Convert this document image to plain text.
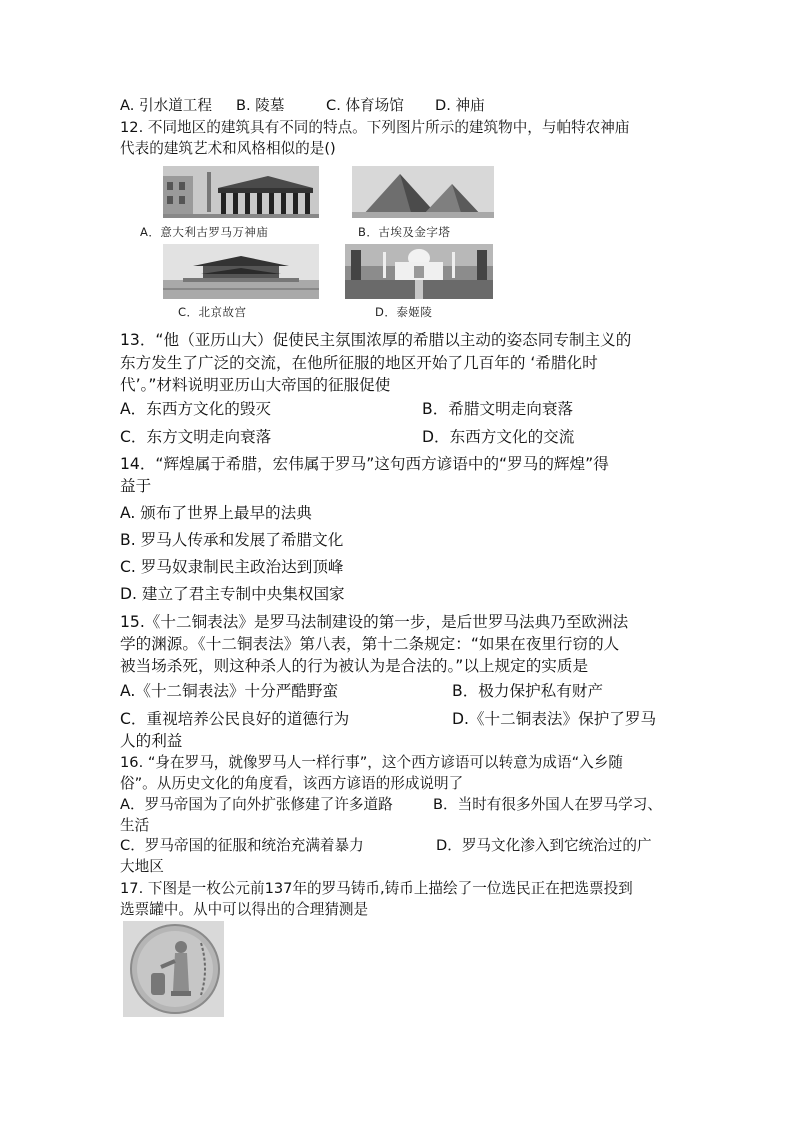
A. 引水道工程 B. 陵墓	C. 体育场馆 D. 神庙
12. 不同地区的建筑具有不同的特点。下列图片所示的建筑物中，与帕特农神庙
代表的建筑艺术和风格相似的是()
A．意大利古罗马万神庙	B．古埃及金字塔
C．北京故宫	D．泰姬陵
13．“他（亚历山大）促使民主氛围浓厚的希腊以主动的姿态同专制主义的
东方发生了广泛的交流，在他所征服的地区开始了几百年的 ‘希腊化时
代’。”材料说明亚历山大帝国的征服促使
A．东西方文化的毁灭	B．希腊文明走向衰落
C．东方文明走向衰落	D．东西方文化的交流
14．“辉煌属于希腊，宏伟属于罗马”这句西方谚语中的“罗马的辉煌”得
益于
A. 颁布了世界上最早的法典
B. 罗马人传承和发展了希腊文化
C. 罗马奴隶制民主政治达到顶峰
D. 建立了君主专制中央集权国家
15.《十二铜表法》是罗马法制建设的第一步，是后世罗马法典乃至欧洲法
学的渊源。《十二铜表法》第八表，第十二条规定：“如果在夜里行窃的人
被当场杀死，则这种杀人的行为被认为是合法的。”以上规定的实质是
A.《十二铜表法》十分严酷野蛮	B．极力保护私有财产
C．重视培养公民良好的道德行为	D.《十二铜表法》保护了罗马
人的利益
16. “身在罗马，就像罗马人一样行事”，这个西方谚语可以转意为成语“入乡随
俗”。从历史文化的角度看，该西方谚语的形成说明了
A．罗马帝国为了向外扩张修建了许多道路	B．当时有很多外国人在罗马学习、
生活
C．罗马帝国的征服和统治充满着暴力	D．罗马文化渗入到它统治过的广
大地区
17. 下图是一枚公元前137年的罗马铸币,铸币上描绘了一位选民正在把选票投到
选票罐中。从中可以得出的合理猜测是
